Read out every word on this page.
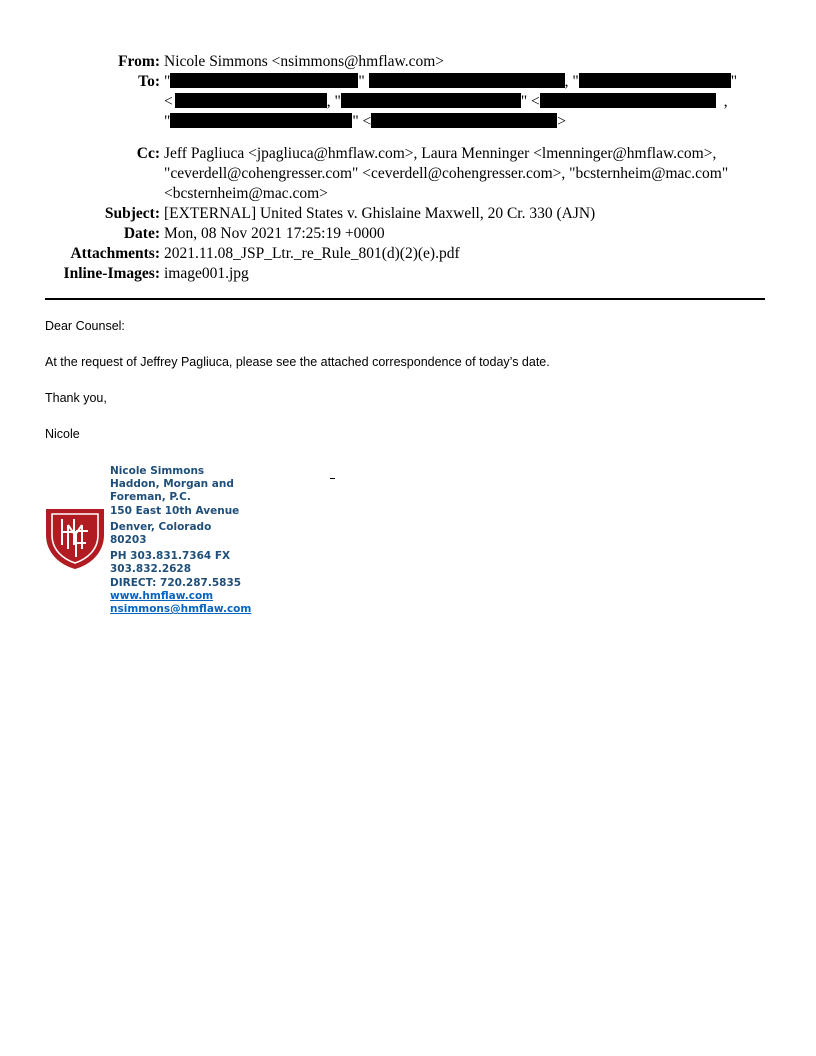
From: Nicole Simmons <nsimmons@hmflaw.com>
To: "	"	, "	"
<	, "	" <	,
"	" <	>
Cc: Jeff Pagliuca <jpagliuca@hmflaw.com>, Laura Menninger <lmenninger@hmflaw.com>,
"ceverdell@cohengresser.com" <ceverdell@cohengresser.com>, "bcsternheim@mac.com"
<bcsternheim@mac.com>
Subject: [EXTERNAL] United States v. Ghislaine Maxwell, 20 Cr. 330 (AJN)
Date: Mon, 08 Nov 2021 17:25:19 +0000
Attachments: 2021.11.08_JSP_Ltr._re_Rule_801(d)(2)(e).pdf
Inline-Images: image001.jpg

Dear Counsel:

At the request of Jeffrey Pagliuca, please see the attached correspondence of today’s date.

Thank you,

Nicole

Nicole Simmons
Haddon, Morgan and
Foreman, P.C.
150 East 10th Avenue
Denver, Colorado
80203
PH 303.831.7364 FX
303.832.2628
DIRECT: 720.287.5835
www.hmflaw.com
nsimmons@hmflaw.com
